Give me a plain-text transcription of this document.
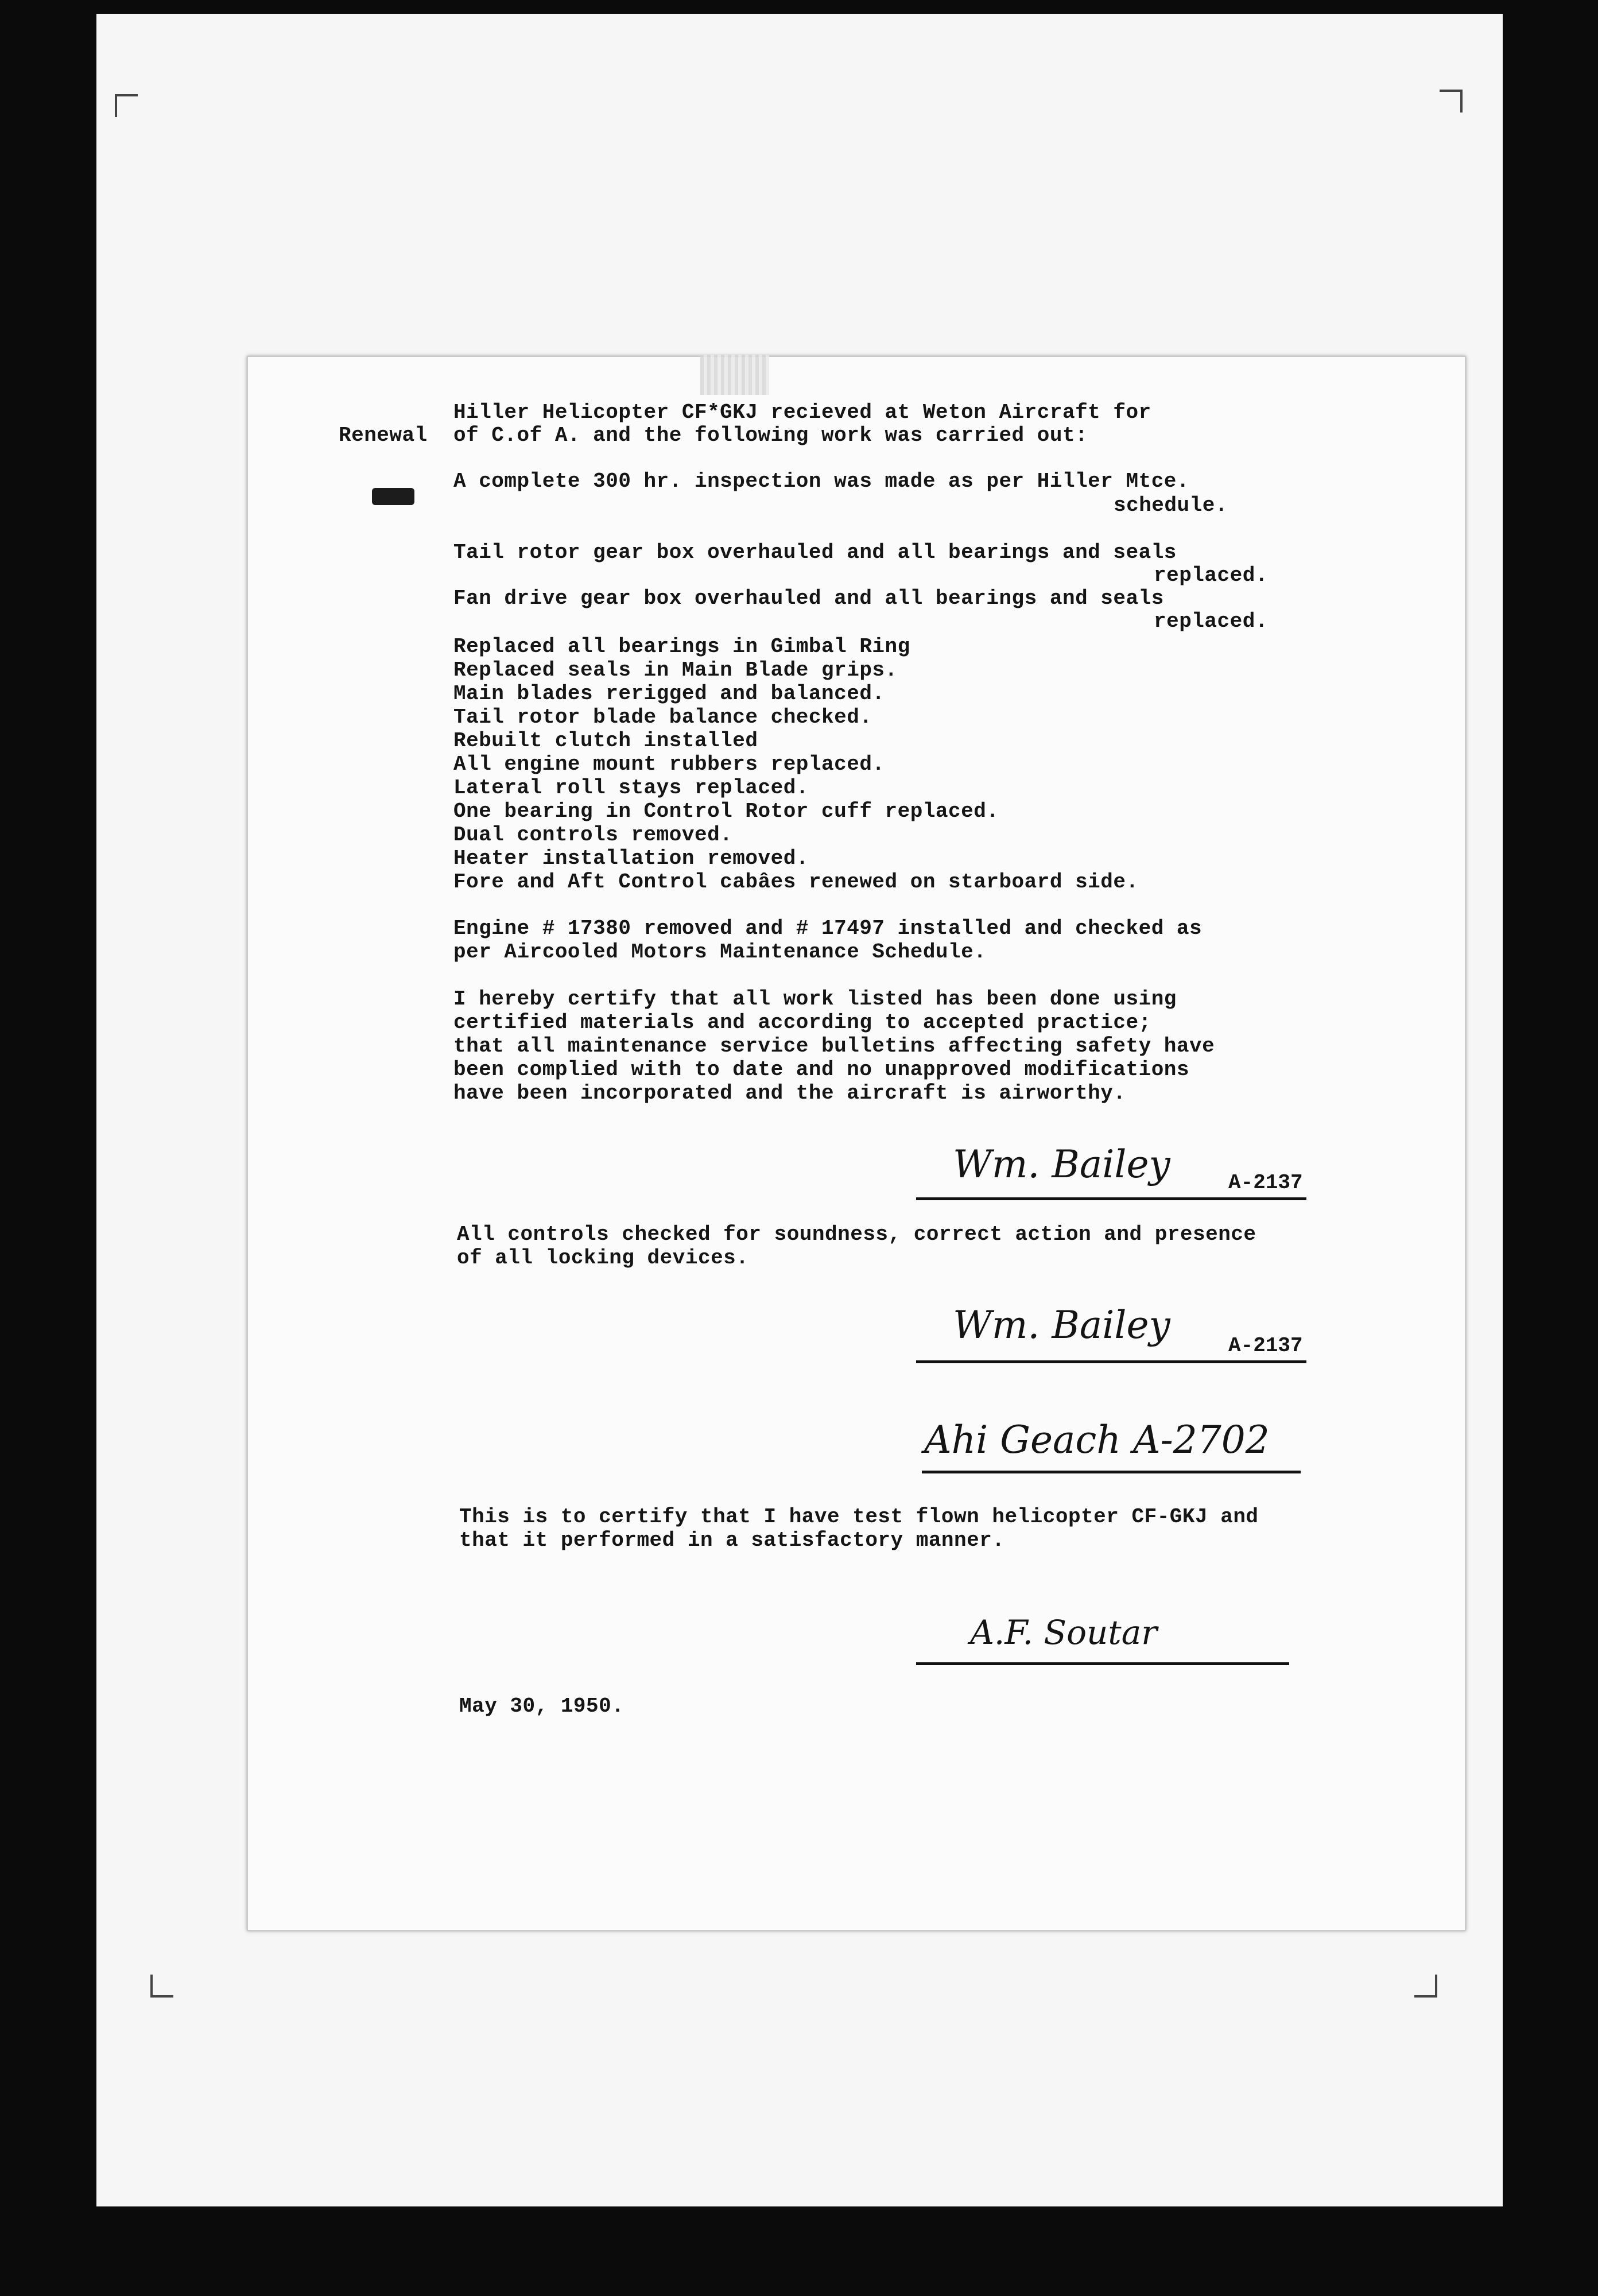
Hiller Helicopter CF*GKJ recieved at Weton Aircraft for

Renewal of C.of A. and the following work was carried out:

A complete 300 hr. inspection was made as per Hiller Mtce.

schedule.

Tail rotor gear box overhauled and all bearings and seals

replaced.

Fan drive gear box overhauled and all bearings and seals

replaced.

Replaced all bearings in Gimbal Ring

Replaced seals in Main Blade grips.

Main blades rerigged and balanced.

Tail rotor blade balance checked.

Rebuilt clutch installed

All engine mount rubbers replaced.

Lateral roll stays replaced.

One bearing in Control Rotor cuff replaced.

Dual controls removed.

Heater installation removed.

Fore and Aft Control cabâes renewed on starboard side.

Engine # 17380 removed and # 17497 installed and checked as

per Aircooled Motors Maintenance Schedule.

I hereby certify that all work listed has been done using

certified materials and according to accepted practice;

that all maintenance service bulletins affecting safety have

been complied with to date and no unapproved modifications

have been incorporated and the aircraft is airworthy.

Wm. Bailey	A-2137

All controls checked for soundness, correct action and presence

of all locking devices.

Wm. Bailey	A-2137
Ahi Geach A-2702

This is to certify that I have test flown helicopter CF-GKJ and

that it performed in a satisfactory manner.

A.F. Soutar

May 30, 1950.
